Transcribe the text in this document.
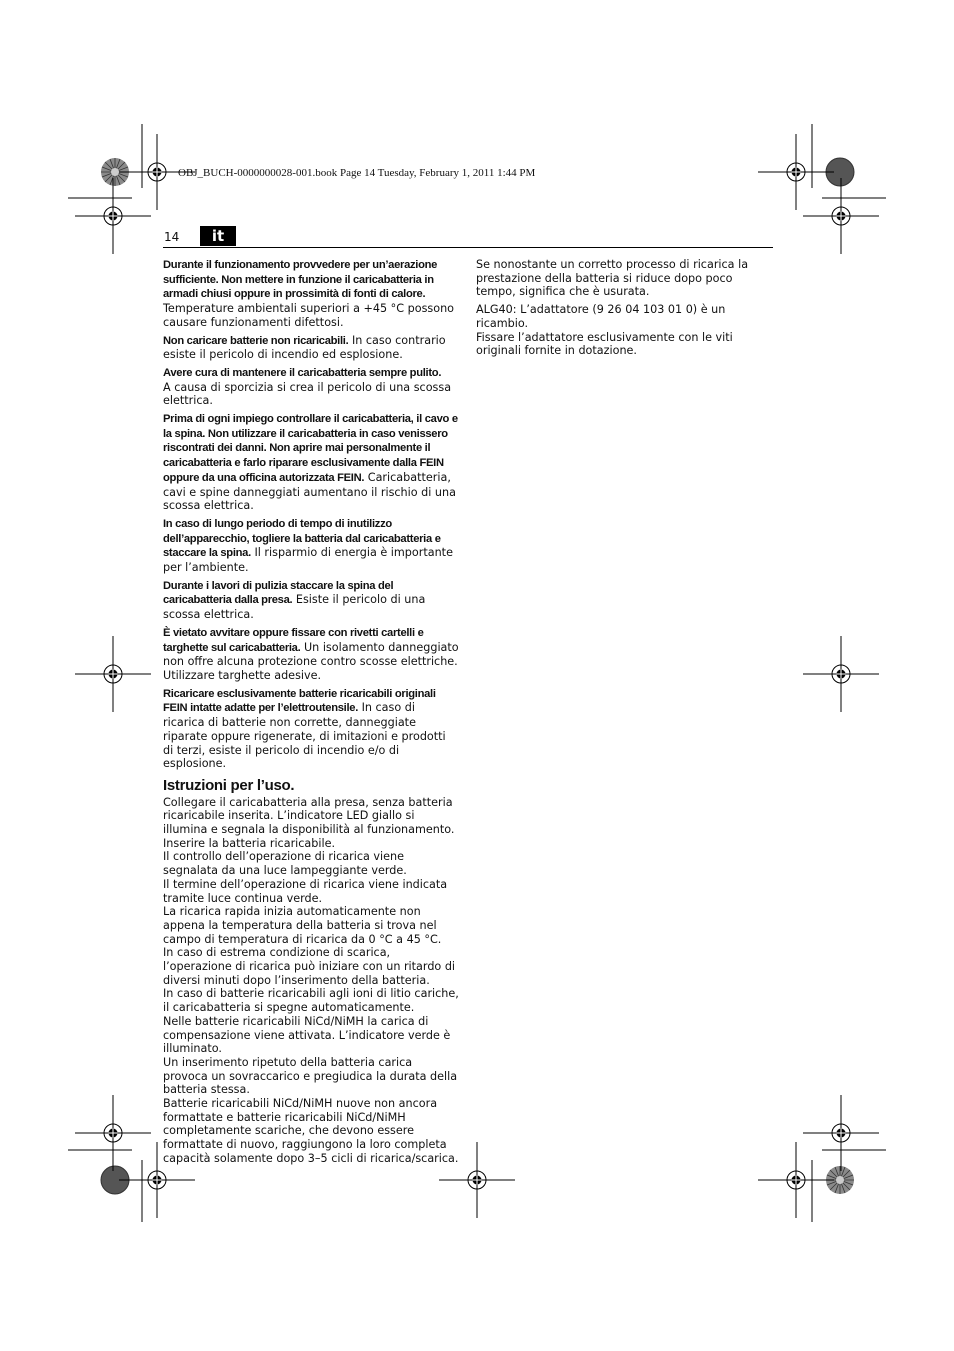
OBJ_BUCH-0000000028-001.book Page 14 Tuesday, February 1, 2011 1:44 PM
14	it

Durante il funzionamento provvedere per un’aerazione sufficiente. Non mettere in funzione il caricabatteria in armadi chiusi oppure in prossimità di fonti di calore.
Temperature ambientali superiori a +45 °C possono causare funzionamenti difettosi.

Non caricare batterie non ricaricabili. In caso contrario esiste il pericolo di incendio ed esplosione.

Avere cura di mantenere il caricabatteria sempre pulito.
A causa di sporcizia si crea il pericolo di una scossa elettrica.

Prima di ogni impiego controllare il caricabatteria, il cavo e la spina. Non utilizzare il caricabatteria in caso venissero riscontrati dei danni. Non aprire mai personalmente il caricabatteria e farlo riparare esclusivamente dalla FEIN oppure da una officina autorizzata FEIN. Caricabatteria, cavi e spine danneggiati aumentano il rischio di una scossa elettrica.

In caso di lungo periodo di tempo di inutilizzo dell’apparecchio, togliere la batteria dal caricabatteria e staccare la spina. Il risparmio di energia è importante per l’ambiente.

Durante i lavori di pulizia staccare la spina del caricabatteria dalla presa. Esiste il pericolo di una scossa elettrica.

È vietato avvitare oppure fissare con rivetti cartelli e targhette sul caricabatteria. Un isolamento danneggiato non offre alcuna protezione contro scosse elettriche. Utilizzare targhette adesive.

Ricaricare esclusivamente batterie ricaricabili originali FEIN intatte adatte per l’elettroutensile. In caso di ricarica di batterie non corrette, danneggiate riparate oppure rigenerate, di imitazioni e prodotti di terzi, esiste il pericolo di incendio e/o di esplosione.

Istruzioni per l’uso.

Collegare il caricabatteria alla presa, senza batteria ricaricabile inserita. L’indicatore LED giallo si illumina e segnala la disponibilità al funzionamento.

Inserire la batteria ricaricabile.

Il controllo dell’operazione di ricarica viene segnalata da una luce lampeggiante verde.

Il termine dell’operazione di ricarica viene indicata tramite luce continua verde.

La ricarica rapida inizia automaticamente non appena la temperatura della batteria si trova nel campo di temperatura di ricarica da 0 °C a 45 °C.

In caso di estrema condizione di scarica, l’operazione di ricarica può iniziare con un ritardo di diversi minuti dopo l’inserimento della batteria.

In caso di batterie ricaricabili agli ioni di litio cariche, il caricabatteria si spegne automaticamente.

Nelle batterie ricaricabili NiCd/NiMH la carica di compensazione viene attivata. L’indicatore verde è illuminato.

Un inserimento ripetuto della batteria carica provoca un sovraccarico e pregiudica la durata della batteria stessa.

Batterie ricaricabili NiCd/NiMH nuove non ancora formattate e batterie ricaricabili NiCd/NiMH completamente scariche, che devono essere formattate di nuovo, raggiungono la loro completa capacità solamente dopo 3–5 cicli di ricarica/scarica.

Se nonostante un corretto processo di ricarica la prestazione della batteria si riduce dopo poco tempo, significa che è usurata.

ALG40: L’adattatore (9 26 04 103 01 0) è un ricambio.

Fissare l’adattatore esclusivamente con le viti originali fornite in dotazione.
